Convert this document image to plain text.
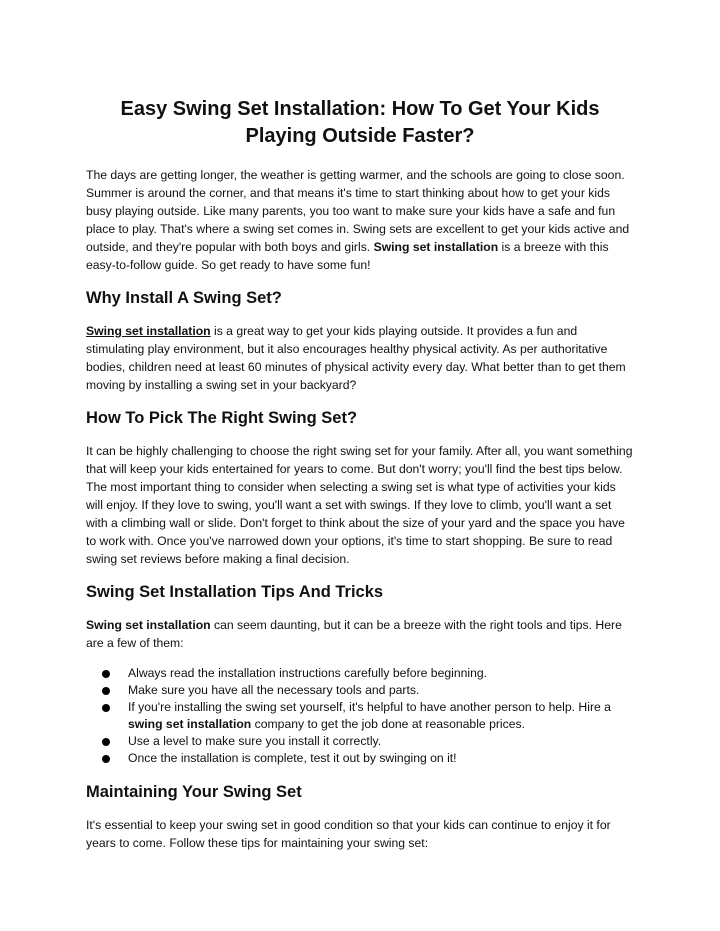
Easy Swing Set Installation: How To Get Your Kids
Playing Outside Faster?

The days are getting longer, the weather is getting warmer, and the schools are going to close soon. Summer is around the corner, and that means it's time to start thinking about how to get your kids busy playing outside. Like many parents, you too want to make sure your kids have a safe and fun place to play. That's where a swing set comes in. Swing sets are excellent to get your kids active and outside, and they're popular with both boys and girls. Swing set installation is a breeze with this easy-to-follow guide. So get ready to have some fun!

Why Install A Swing Set?

Swing set installation is a great way to get your kids playing outside. It provides a fun and stimulating play environment, but it also encourages healthy physical activity. As per authoritative bodies, children need at least 60 minutes of physical activity every day. What better than to get them moving by installing a swing set in your backyard?

How To Pick The Right Swing Set?

It can be highly challenging to choose the right swing set for your family. After all, you want something that will keep your kids entertained for years to come. But don't worry; you'll find the best tips below. The most important thing to consider when selecting a swing set is what type of activities your kids will enjoy. If they love to swing, you'll want a set with swings. If they love to climb, you'll want a set with a climbing wall or slide. Don't forget to think about the size of your yard and the space you have to work with. Once you've narrowed down your options, it's time to start shopping. Be sure to read swing set reviews before making a final decision.

Swing Set Installation Tips And Tricks

Swing set installation can seem daunting, but it can be a breeze with the right tools and tips. Here are a few of them:

Always read the installation instructions carefully before beginning.
Make sure you have all the necessary tools and parts.
If you're installing the swing set yourself, it's helpful to have another person to help. Hire a swing set installation company to get the job done at reasonable prices.
Use a level to make sure you install it correctly.
Once the installation is complete, test it out by swinging on it!
Maintaining Your Swing Set

It's essential to keep your swing set in good condition so that your kids can continue to enjoy it for years to come. Follow these tips for maintaining your swing set:
